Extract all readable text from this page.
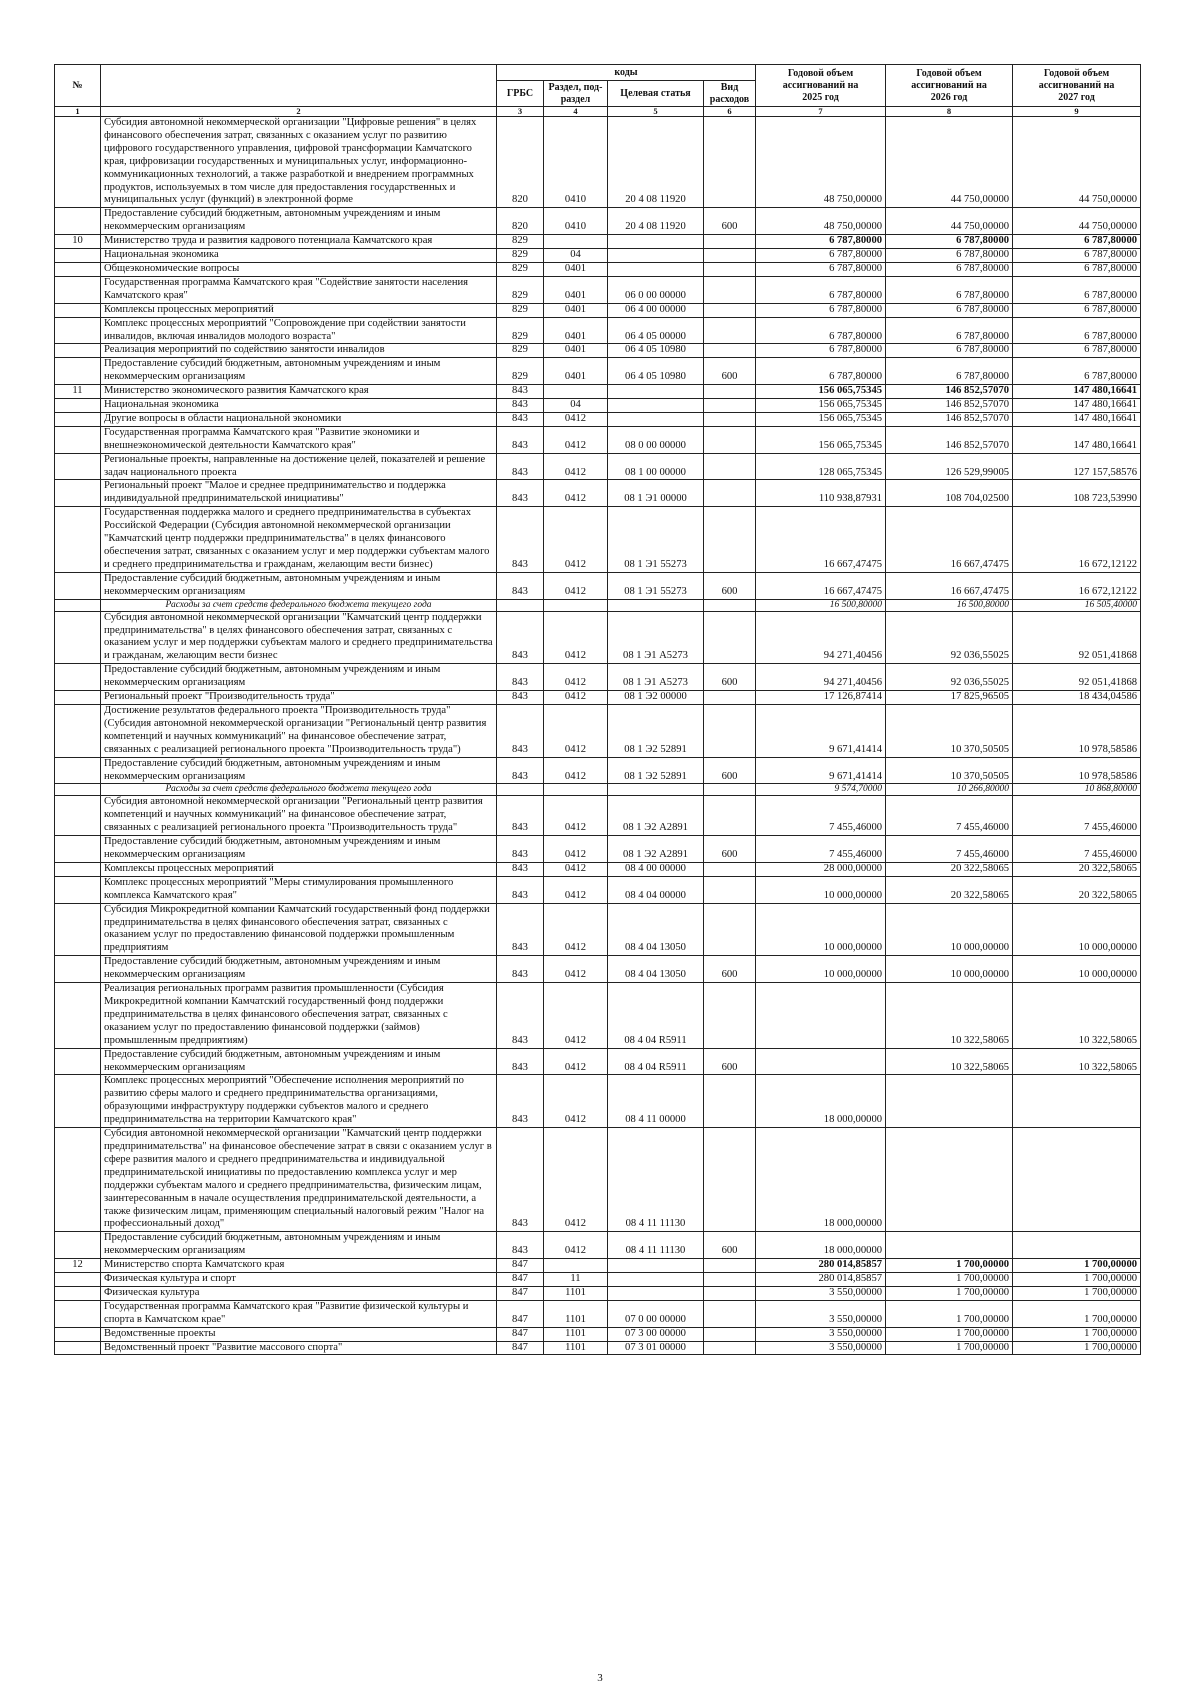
№		коды				Годовой объем
ассигнований на
2025 год	Годовой объем
ассигнований на
2026 год	Годовой объем
ассигнований на
2027 год
		ГРБС	Раздел, под-
раздел	Целевая статья	Вид
расходов			
1	2	3	4	5	6	7	8	9
	Субсидия автономной некоммерческой организации "Цифровые решения" в целях финансового обеспечения затрат, связанных с оказанием услуг по развитию цифрового государственного управления, цифровой трансформации Камчатского края, цифровизации государственных и муниципальных услуг, информационно-коммуникационных технологий, а также разработкой и внедрением программных продуктов, используемых в том числе для предоставления государственных и муниципальных услуг (функций) в электронной форме	820	0410	20 4 08 11920		48 750,00000	44 750,00000	44 750,00000
	Предоставление субсидий бюджетным, автономным учреждениям и иным некоммерческим организациям	820	0410	20 4 08 11920	600	48 750,00000	44 750,00000	44 750,00000
10	Министерство труда и развития кадрового потенциала Камчатского края	829				6 787,80000	6 787,80000	6 787,80000
	Национальная экономика	829	04			6 787,80000	6 787,80000	6 787,80000
	Общеэкономические вопросы	829	0401			6 787,80000	6 787,80000	6 787,80000
	Государственная программа Камчатского края "Содействие занятости населения Камчатского края"	829	0401	06 0 00 00000		6 787,80000	6 787,80000	6 787,80000
	Комплексы процессных мероприятий	829	0401	06 4 00 00000		6 787,80000	6 787,80000	6 787,80000
	Комплекс процессных мероприятий "Сопровождение при содействии занятости инвалидов, включая инвалидов молодого возраста"	829	0401	06 4 05 00000		6 787,80000	6 787,80000	6 787,80000
	Реализация мероприятий по содействию занятости инвалидов	829	0401	06 4 05 10980		6 787,80000	6 787,80000	6 787,80000
	Предоставление субсидий бюджетным, автономным учреждениям и иным некоммерческим организациям	829	0401	06 4 05 10980	600	6 787,80000	6 787,80000	6 787,80000
11	Министерство экономического развития Камчатского края	843				156 065,75345	146 852,57070	147 480,16641
	Национальная экономика	843	04			156 065,75345	146 852,57070	147 480,16641
	Другие вопросы в области национальной экономики	843	0412			156 065,75345	146 852,57070	147 480,16641
	Государственная программа Камчатского края "Развитие экономики и внешнеэкономической деятельности Камчатского края"	843	0412	08 0 00 00000		156 065,75345	146 852,57070	147 480,16641
	Региональные проекты, направленные на достижение целей, показателей и решение задач национального проекта	843	0412	08 1 00 00000		128 065,75345	126 529,99005	127 157,58576
	Региональный проект "Малое и среднее предпринимательство и поддержка индивидуальной предпринимательской инициативы"	843	0412	08 1 Э1 00000		110 938,87931	108 704,02500	108 723,53990
	Государственная поддержка малого и среднего предпринимательства в субъектах Российской Федерации (Субсидия автономной некоммерческой организации "Камчатский центр поддержки предпринимательства" в целях финансового обеспечения затрат, связанных с оказанием услуг и мер поддержки субъектам малого и среднего предпринимательства и гражданам, желающим вести бизнес)	843	0412	08 1 Э1 55273		16 667,47475	16 667,47475	16 672,12122
	Предоставление субсидий бюджетным, автономным учреждениям и иным некоммерческим организациям	843	0412	08 1 Э1 55273	600	16 667,47475	16 667,47475	16 672,12122
	Расходы за счет средств федерального бюджета текущего года					16 500,80000	16 500,80000	16 505,40000
	Субсидия автономной некоммерческой организации "Камчатский центр поддержки предпринимательства" в целях финансового обеспечения затрат, связанных с оказанием услуг и мер поддержки субъектам малого и среднего предпринимательства и гражданам, желающим вести бизнес	843	0412	08 1 Э1 А5273		94 271,40456	92 036,55025	92 051,41868
	Предоставление субсидий бюджетным, автономным учреждениям и иным некоммерческим организациям	843	0412	08 1 Э1 А5273	600	94 271,40456	92 036,55025	92 051,41868
	Региональный проект "Производительность труда"	843	0412	08 1 Э2 00000		17 126,87414	17 825,96505	18 434,04586
	Достижение результатов федерального проекта "Производительность труда" (Субсидия автономной некоммерческой организации "Региональный центр развития компетенций и научных коммуникаций" на финансовое обеспечение затрат, связанных с реализацией регионального проекта "Производительность труда")	843	0412	08 1 Э2 52891		9 671,41414	10 370,50505	10 978,58586
	Предоставление субсидий бюджетным, автономным учреждениям и иным некоммерческим организациям	843	0412	08 1 Э2 52891	600	9 671,41414	10 370,50505	10 978,58586
	Расходы за счет средств федерального бюджета текущего года					9 574,70000	10 266,80000	10 868,80000
	Субсидия автономной некоммерческой организации "Региональный центр развития компетенций и научных коммуникаций" на финансовое обеспечение затрат, связанных с реализацией регионального проекта "Производительность труда"	843	0412	08 1 Э2 А2891		7 455,46000	7 455,46000	7 455,46000
	Предоставление субсидий бюджетным, автономным учреждениям и иным некоммерческим организациям	843	0412	08 1 Э2 А2891	600	7 455,46000	7 455,46000	7 455,46000
	Комплексы процессных мероприятий	843	0412	08 4 00 00000		28 000,00000	20 322,58065	20 322,58065
	Комплекс процессных мероприятий "Меры стимулирования промышленного комплекса Камчатского края"	843	0412	08 4 04 00000		10 000,00000	20 322,58065	20 322,58065
	Субсидия Микрокредитной компании Камчатский государственный фонд поддержки предпринимательства в целях финансового обеспечения затрат, связанных с оказанием услуг по предоставлению финансовой поддержки промышленным предприятиям	843	0412	08 4 04 13050		10 000,00000	10 000,00000	10 000,00000
	Предоставление субсидий бюджетным, автономным учреждениям и иным некоммерческим организациям	843	0412	08 4 04 13050	600	10 000,00000	10 000,00000	10 000,00000
	Реализация региональных программ развития промышленности (Субсидия Микрокредитной компании Камчатский государственный фонд поддержки предпринимательства в целях финансового обеспечения затрат, связанных с оказанием услуг по предоставлению финансовой поддержки (займов) промышленным предприятиям)	843	0412	08 4 04 R5911			10 322,58065	10 322,58065
	Предоставление субсидий бюджетным, автономным учреждениям и иным некоммерческим организациям	843	0412	08 4 04 R5911	600		10 322,58065	10 322,58065
	Комплекс процессных мероприятий "Обеспечение исполнения мероприятий по развитию сферы малого и среднего предпринимательства организациями, образующими инфраструктуру поддержки субъектов малого и среднего предпринимательства на территории Камчатского края"	843	0412	08 4 11 00000		18 000,00000		
	Субсидия автономной некоммерческой организации "Камчатский центр поддержки предпринимательства" на финансовое обеспечение затрат в связи с оказанием услуг в сфере развития малого и среднего предпринимательства и индивидуальной предпринимательской инициативы по предоставлению комплекса услуг и мер поддержки субъектам малого и среднего предпринимательства, физическим лицам, заинтересованным в начале осуществления предпринимательской деятельности, а также физическим лицам, применяющим специальный налоговый режим "Налог на профессиональный доход"	843	0412	08 4 11 11130		18 000,00000		
	Предоставление субсидий бюджетным, автономным учреждениям и иным некоммерческим организациям	843	0412	08 4 11 11130	600	18 000,00000		
12	Министерство спорта Камчатского края	847				280 014,85857	1 700,00000	1 700,00000
	Физическая культура и спорт	847	11			280 014,85857	1 700,00000	1 700,00000
	Физическая культура	847	1101			3 550,00000	1 700,00000	1 700,00000
	Государственная программа Камчатского края "Развитие физической культуры и спорта в Камчатском крае"	847	1101	07 0 00 00000		3 550,00000	1 700,00000	1 700,00000
	Ведомственные проекты	847	1101	07 3 00 00000		3 550,00000	1 700,00000	1 700,00000
	Ведомственный проект "Развитие массового спорта"	847	1101	07 3 01 00000		3 550,00000	1 700,00000	1 700,00000
3
